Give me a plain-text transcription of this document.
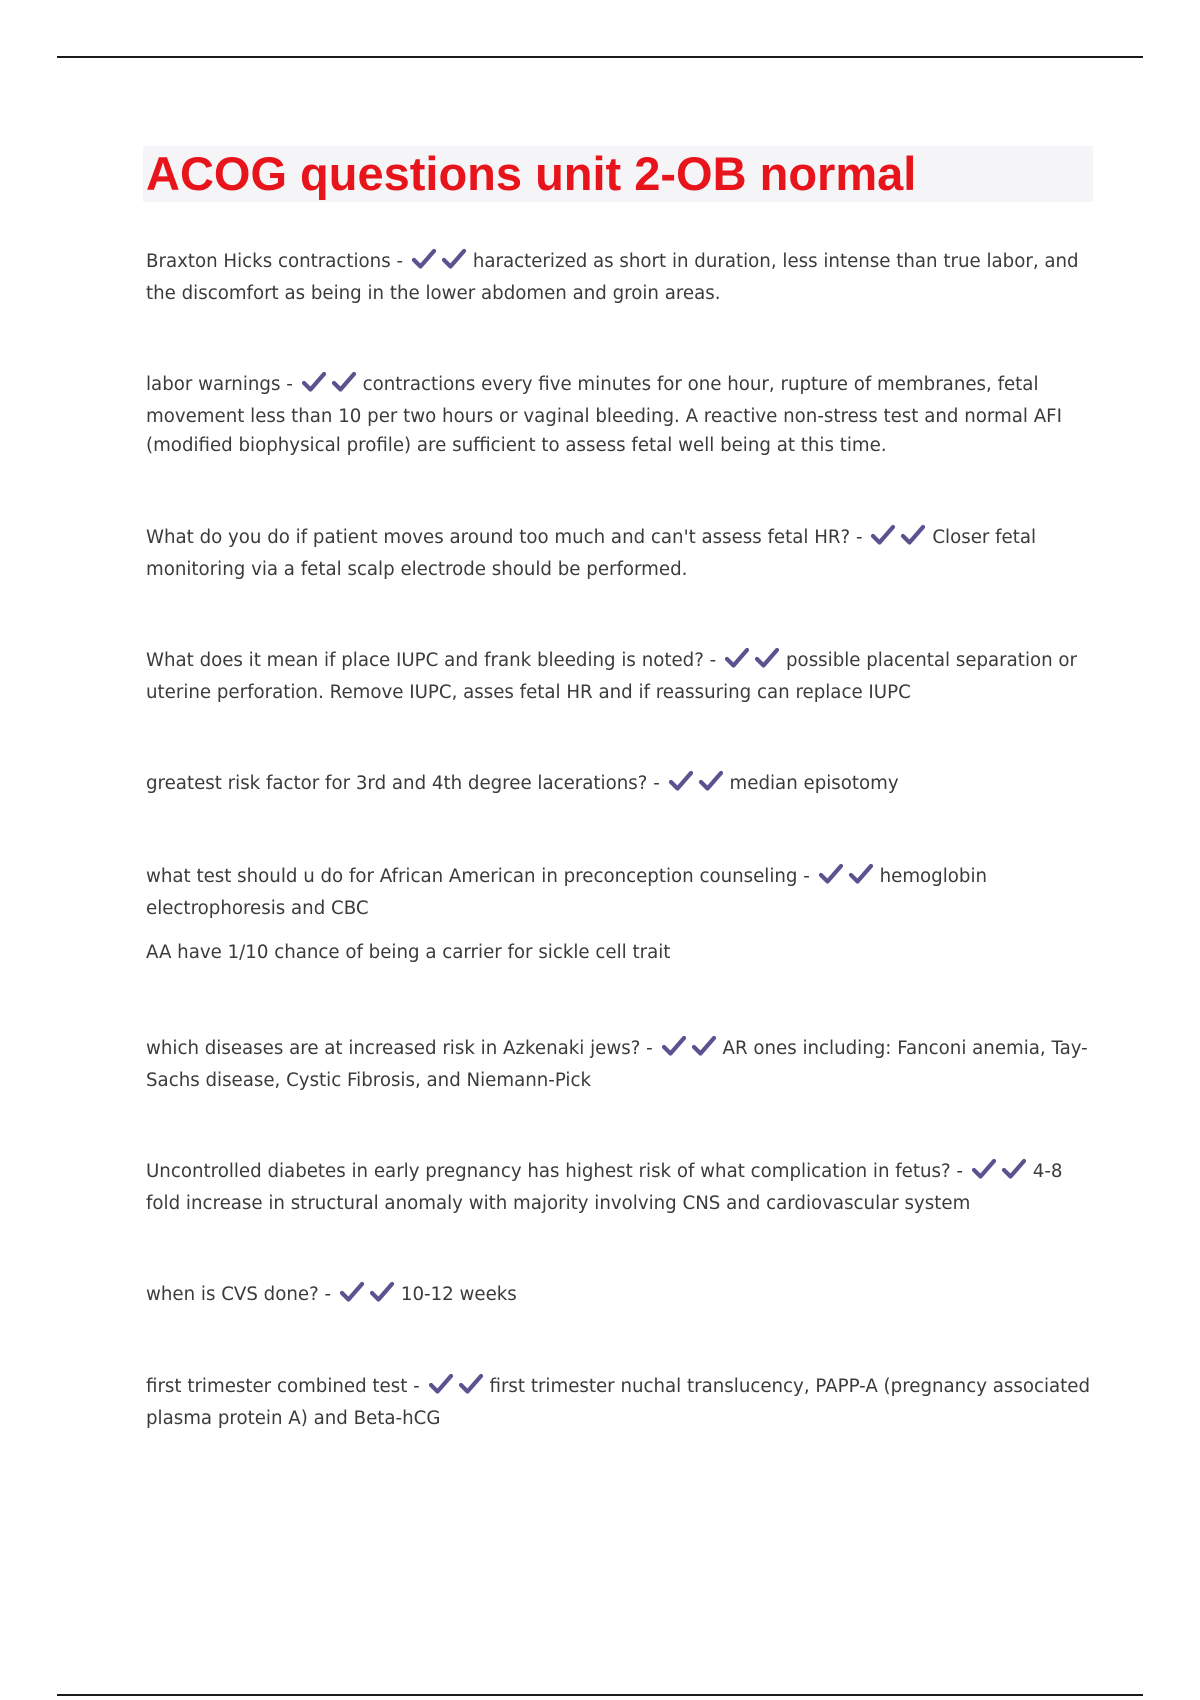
ACOG questions unit 2-OB normal

Braxton Hicks contractions -	haracterized as short in duration, less intense than true labor, and the discomfort as being in the lower abdomen and groin areas.

labor warnings -	contractions every five minutes for one hour, rupture of membranes, fetal movement less than 10 per two hours or vaginal bleeding. A reactive non-stress test and normal AFI (modified biophysical profile) are sufficient to assess fetal well being at this time.

What do you do if patient moves around too much and can't assess fetal HR? -	Closer fetal monitoring via a fetal scalp electrode should be performed.

What does it mean if place IUPC and frank bleeding is noted? -	possible placental separation or uterine perforation. Remove IUPC, asses fetal HR and if reassuring can replace IUPC

greatest risk factor for 3rd and 4th degree lacerations? -	median episotomy

what test should u do for African American in preconception counseling -	hemoglobin electrophoresis and CBC

AA have 1/10 chance of being a carrier for sickle cell trait

which diseases are at increased risk in Azkenaki jews? -	AR ones including: Fanconi anemia, Tay-Sachs disease, Cystic Fibrosis, and Niemann-Pick

Uncontrolled diabetes in early pregnancy has highest risk of what complication in fetus? -	4-8 fold increase in structural anomaly with majority involving CNS and cardiovascular system

when is CVS done? -	10-12 weeks

first trimester combined test -	first trimester nuchal translucency, PAPP-A (pregnancy associated plasma protein A) and Beta-hCG
